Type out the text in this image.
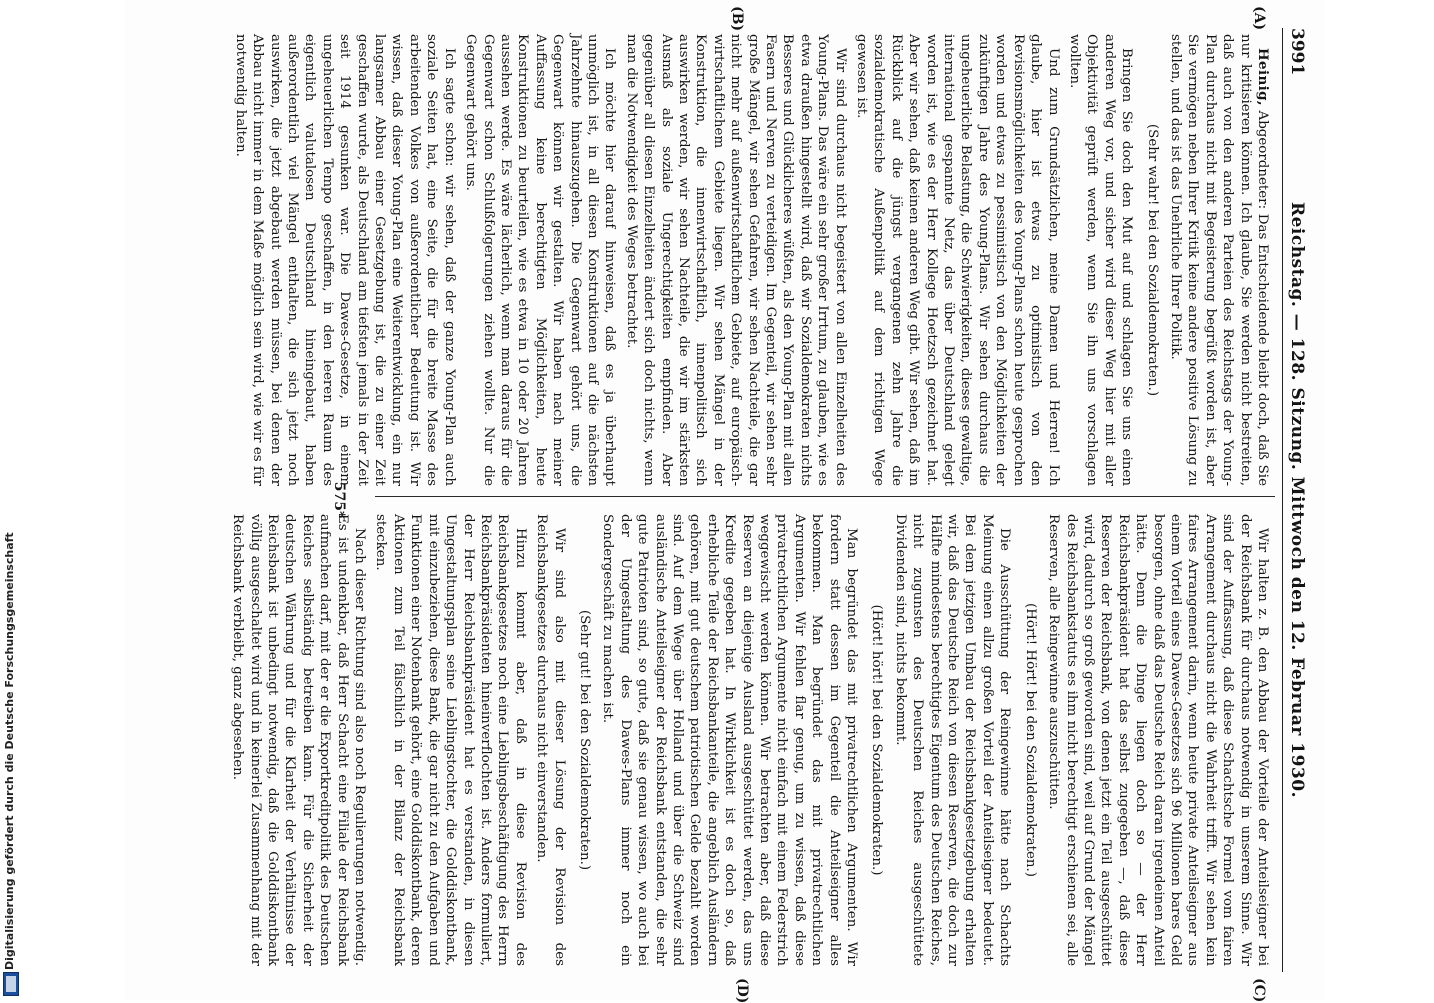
Digitalisierung gefördert durch die Deutsche Forschungsgemeinschaft
3991
Reichstag. — 128. Sitzung. Mittwoch den 12. Februar 1930.
(A)
(B)
(C)
(D)

Heinig, Abgeordneter: Das Entscheidende bleibt doch, daß Sie nur kritisieren können. Ich glaube, Sie werden nicht bestreiten, daß auch von den anderen Parteien des Reichstags der Young-Plan durchaus nicht mit Begeisterung begrüßt worden ist, aber Sie vermögen neben Ihrer Kritik keine andere positive Lösung zu stellen, und das ist das Unehrliche Ihrer Politik.

(Sehr wahr! bei den Sozialdemokraten.)

Bringen Sie doch den Mut auf und schlagen Sie uns einen anderen Weg vor, und sicher wird dieser Weg hier mit aller Objektivität geprüft werden, wenn Sie ihn uns vorschlagen wollten.

Und zum Grundsätzlichen, meine Damen und Herren! Ich glaube, hier ist etwas zu optimistisch von den Revisionsmöglichkeiten des Young-Plans schon heute gesprochen worden und etwas zu pessimistisch von den Möglichkeiten der zukünftigen Jahre des Young-Plans. Wir sehen durchaus die ungeheuerliche Belastung, die Schwierigkeiten, dieses gewaltige, international gespannte Netz, das über Deutschland gelegt worden ist, wie es der Herr Kollege Hoetzsch gezeichnet hat. Aber wir sehen, daß keinen anderen Weg gibt. Wir sehen, daß im Rückblick auf die jüngst vergangenen zehn Jahre die sozialdemokratische Außenpolitik auf dem richtigen Wege gewesen ist.

Wir sind durchaus nicht begeistert von allen Einzelheiten des Young-Plans. Das wäre ein sehr großer Irrtum, zu glauben, wie es etwa draußen hingestellt wird, daß wir Sozialdemokraten nichts Besseres und Glücklicheres wüßten, als den Young-Plan mit allen Fasern und Nerven zu verteidigen. Im Gegenteil, wir sehen sehr große Mängel, wir sehen Gefahren, wir sehen Nachteile, die gar nicht mehr auf außenwirtschaftlichem Gebiete, auf europäisch-wirtschaftlichem Gebiete liegen. Wir sehen Mängel in der Konstruktion, die innenwirtschaftlich, innenpolitisch sich auswirken werden, wir sehen Nachteile, die wir im stärksten Ausmaß als soziale Ungerechtigkeiten empfinden. Aber gegenüber all diesen Einzelheiten ändert sich doch nichts, wenn man die Notwendigkeit des Weges betrachtet.

Ich möchte hier darauf hinweisen, daß es ja überhaupt unmöglich ist, in all diesen Konstruktionen auf die nächsten Jahrzehnte hinauszugehen. Die Gegenwart gehört uns, die Gegenwart können wir gestalten. Wir haben nach meiner Auffassung keine berechtigten Möglichkeiten, heute Konstruktionen zu beurteilen, wie es etwa in 10 oder 20 Jahren aussehen werde. Es wäre lächerlich, wenn man daraus für die Gegenwart schon Schlußfolgerungen ziehen wollte. Nur die Gegenwart gehört uns.

Ich sagte schon: wir sehen, daß der ganze Young-Plan auch soziale Seiten hat, eine Seite, die für die breite Masse des arbeitenden Volkes von außerordentlicher Bedeutung ist. Wir wissen, daß dieser Young-Plan eine Weiterentwicklung, ein nur langsamer Abbau einer Gesetzgebung ist, die zu einer Zeit geschaffen wurde, als Deutschland am tiefsten jemals in der Zeit seit 1914 gesunken war. Die Dawes-Gesetze, in einem ungeheuerlichen Tempo geschaffen, in den leeren Raum des eigentlich valutalosen Deutschland hineingebaut, haben außerordentlich viel Mängel enthalten, die sich jetzt noch auswirken, die jetzt abgebaut werden müssen, bei denen der Abbau nicht immer in dem Maße möglich sein wird, wie wir es für notwendig halten.

Wir halten z. B. den Abbau der Vorteile der Anteilseigner bei der Reichsbank für durchaus notwendig in unserem Sinne. Wir sind der Auffassung, daß diese Schachtsche Formel vom fairen Arrangement durchaus nicht die Wahrheit trifft. Wir sehen kein faires Arrangement darin, wenn heute private Anteilseigner aus einem Vorteil eines Dawes-Gesetzes sich 96 Millionen bares Geld besorgen, ohne daß das Deutsche Reich daran irgendeinen Anteil hätte. Denn die Dinge liegen doch so — der Herr Reichsbankpräsident hat das selbst zugegeben —, daß diese Reserven der Reichsbank, von denen jetzt ein Teil ausgeschüttet wird, dadurch so groß geworden sind, weil auf Grund der Mängel des Reichsbankstatuts es ihm nicht berechtigt erschienen sei, alle Reserven, alle Reingewinne auszuschütten.

(Hört! Hört! bei den Sozialdemokraten.)

Die Ausschüttung der Reingewinne hätte nach Schachts Meinung einen allzu großen Vorteil der Anteilseigner bedeutet. Bei dem jetzigen Umbau der Reichsbankgesetzgebung erhalten wir, daß das Deutsche Reich von diesen Reserven, die doch zur Hälfte mindestens berechtigtes Eigentum des Deutschen Reiches, nicht zugunsten des Deutschen Reiches ausgeschüttete Dividenden sind, nichts bekommt.

(Hört! hört! bei den Sozialdemokraten.)

Man begründet das mit privatrechtlichen Argumenten. Wir fordern statt dessen im Gegenteil die Anteilseigner alles bekommen. Man begründet das mit privatrechtlichen Argumenten. Wir fehlen flar genug, um zu wissen, daß diese privatrechtlichen Argumente nicht einfach mit einem Federstrich weggewischt werden können. Wir betrachten aber, daß diese Reserven an diejenige Ausland ausgeschüttet werden, das uns Kredite gegeben hat. In Wirklichkeit ist es doch so, daß erhebliche Teile der Reichsbankanteile, die angeblich Ausländern gehören, mit gut deutschem patriotischen Gelde bezahlt worden sind. Auf dem Wege über Holland und über die Schweiz sind ausländische Anteilseigner der Reichsbank entstanden, die sehr gute Patrioten sind, so gute, daß sie genau wissen, wo auch bei der Umgestaltung des Dawes-Plans immer noch ein Sondergeschäft zu machen ist.

(Sehr gut! bei den Sozialdemokraten.)

Wir sind also mit dieser Lösung der Revision des Reichsbankgesetzes durchaus nicht einverstanden.

Hinzu kommt aber, daß in diese Revision des Reichsbankgesetzes noch eine Lieblingsbeschäftigung des Herrn Reichsbankpräsidenten hineinverflochten ist. Anders formuliert, der Herr Reichsbankpräsident hat es verstanden, in diesen Umgestaltungsplan seine Lieblingstochter, die Golddiskontbank, mit einzubeziehen, diese Bank, die gar nicht zu den Aufgaben und Funktionen einer Notenbank gehört, eine Golddiskontbank, deren Aktionen zum Teil fälschlich in der Bilanz der Reichsbank stecken.

Nach dieser Richtung sind also noch Regulierungen notwendig. Es ist undenkbar, daß Herr Schacht eine Filiale der Reichsbank aufmachen darf, mit der er die Exportkreditpolitik des Deutschen Reiches selbständig betreiben kann. Für die Sicherheit der deutschen Währung und für die Klarheit der Verhältnisse der Reichsbank ist unbedingt notwendig, daß die Golddiskontbank völlig ausgeschaltet wird und in keinerlei Zusammenhang mit der Reichsbank verbleibt, ganz abgesehen.

575*
